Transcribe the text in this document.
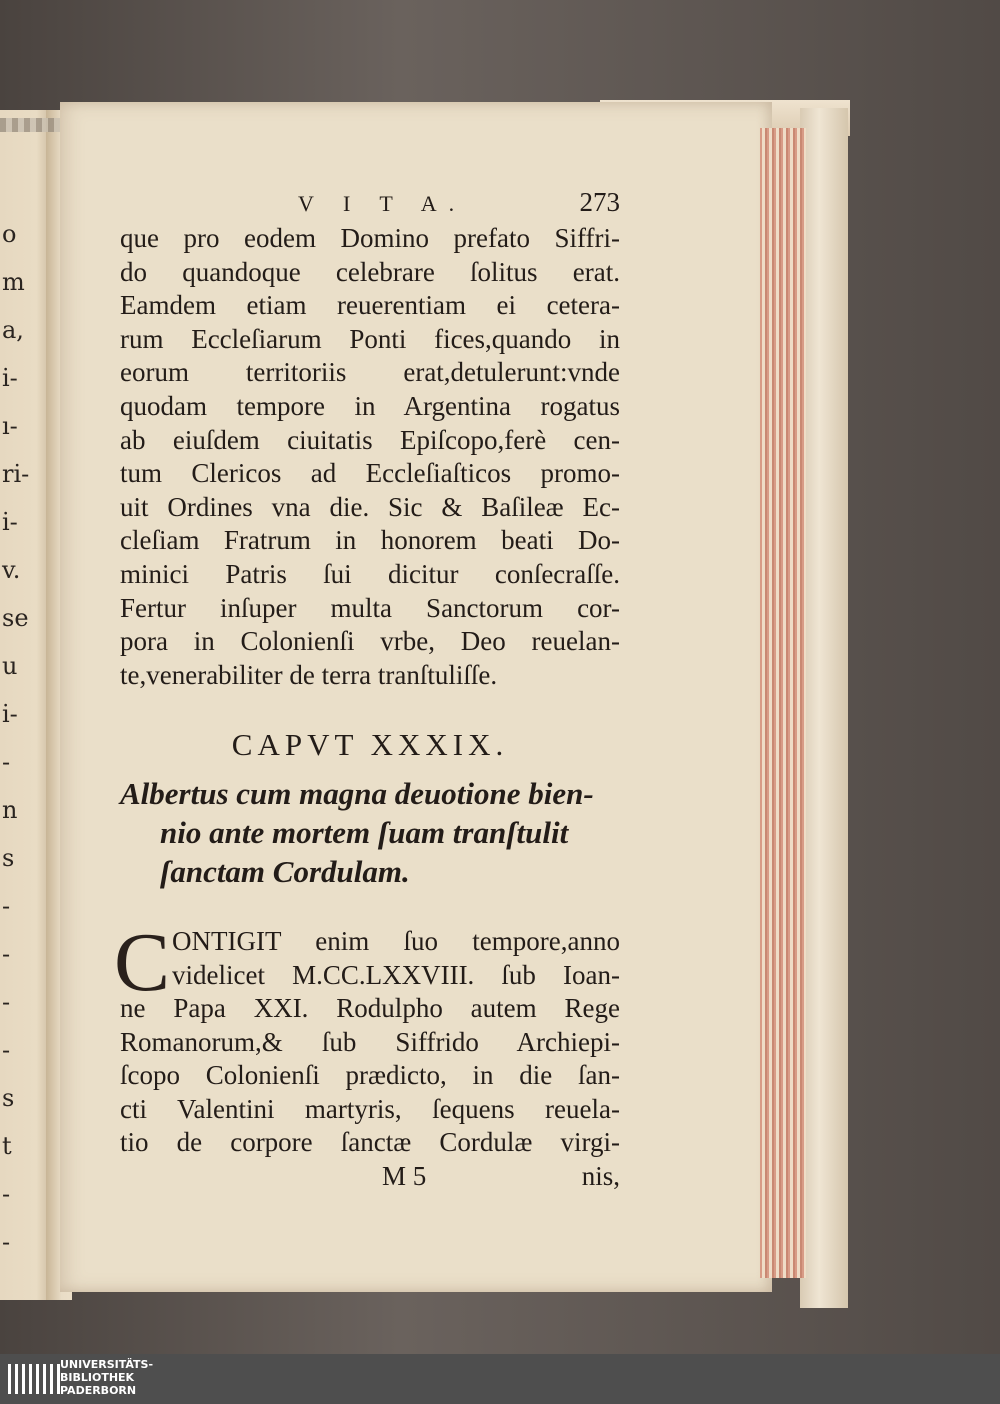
o
m
a,
i-
ı-
ri-
i-
v.
se
u
i-
-
n
s
-
-
-
-
s
t
-
-
V I T A.	273
que pro eodem Domino prefato Siffri-
do quandoque celebrare ſolitus erat.
Eamdem etiam reuerentiam ei cetera-
rum Eccleſiarum Ponti fices,quando in
eorum territoriis erat,detulerunt:vnde
quodam tempore in Argentina rogatus
ab eiuſdem ciuitatis Epiſcopo,ferè cen-
tum Clericos ad Eccleſiaſticos promo-
uit Ordines vna die. Sic & Baſileæ Ec-
cleſiam Fratrum in honorem beati Do-
minici Patris ſui dicitur conſecraſſe.
Fertur inſuper multa Sanctorum cor-
pora in Colonienſi vrbe, Deo reuelan-
te,venerabiliter de terra tranſtuliſſe.
CAPVT XXXIX.
Albertus cum magna deuotione bien-
nio ante mortem ſuam tranſtulit
ſanctam Cordulam.
C ONTIGIT enim ſuo tempore,anno
videlicet M.CC.LXXVIII. ſub Ioan-
ne Papa XXI. Rodulpho autem Rege
Romanorum,& ſub Siffrido Archiepi-
ſcopo Colonienſi prædicto, in die ſan-
cti Valentini martyris, ſequens reuela-
tio de corpore ſanctæ Cordulæ virgi-
M 5	nis,
UNIVERSITÄTS-
BIBLIOTHEK
PADERBORN
